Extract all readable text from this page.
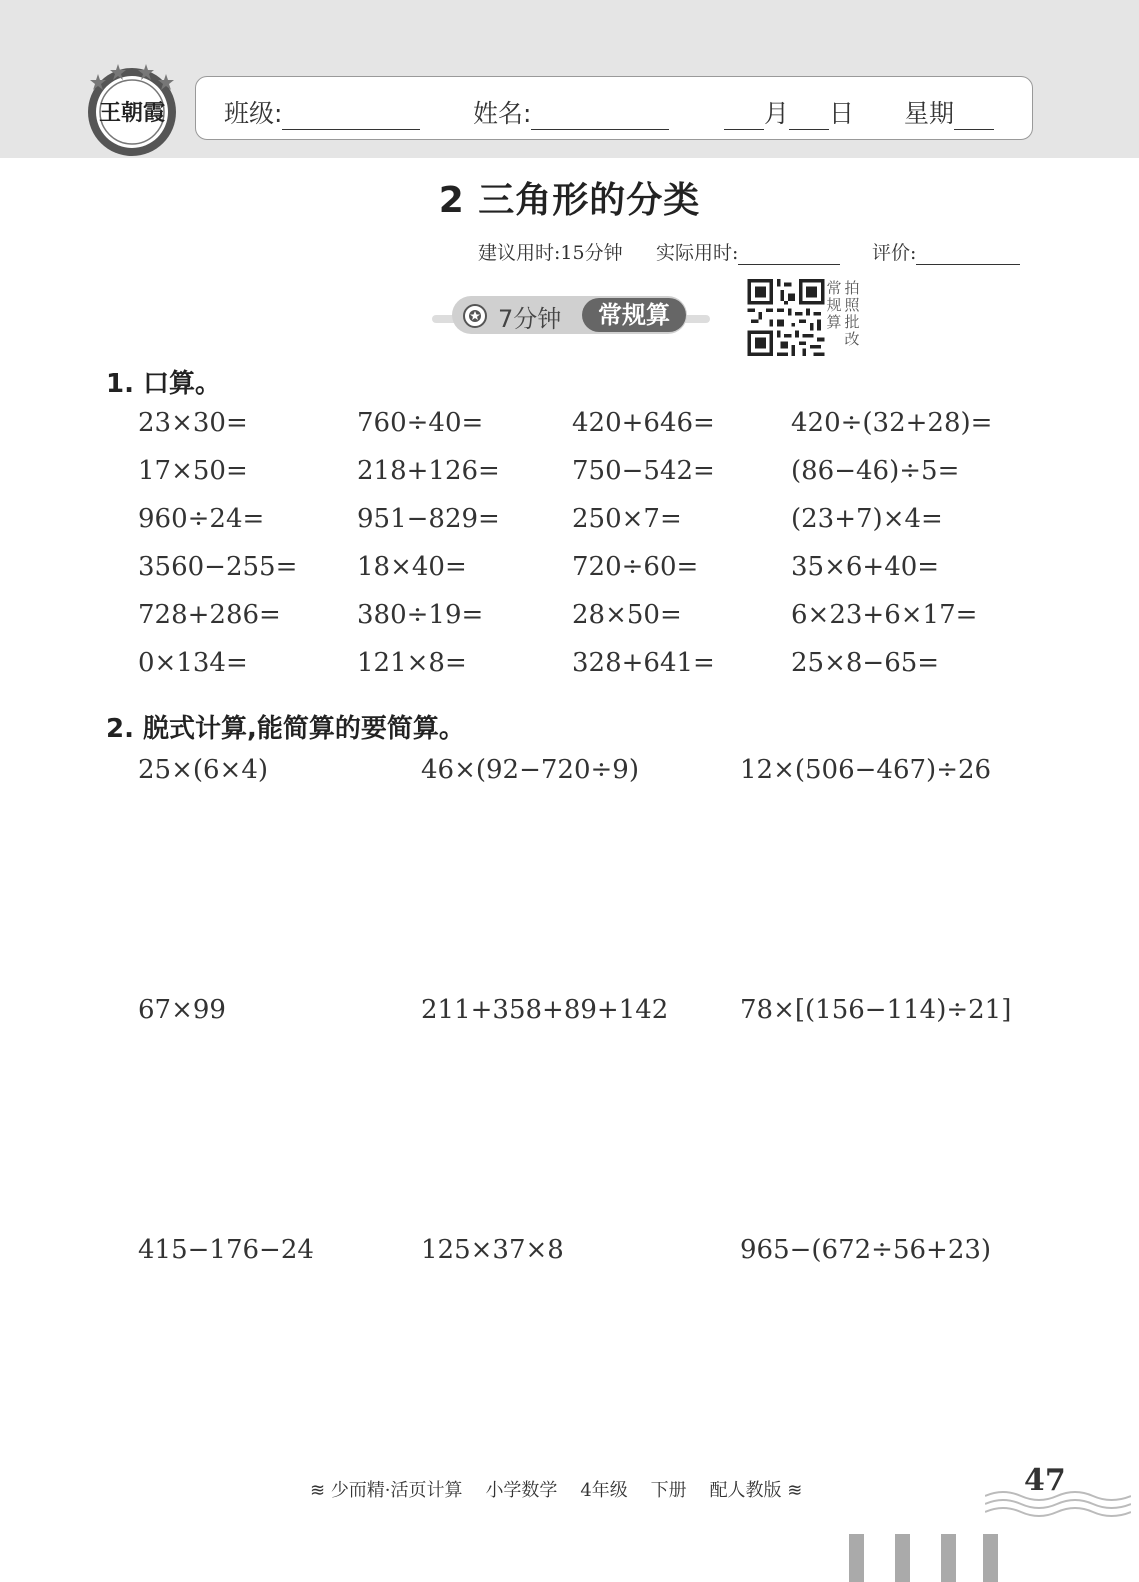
王朝霞 班级:	姓名:	月 日 星期
2 三角形的分类
建议用时:15分钟 实际用时:	评价:
7分钟	常规算
常规算
拍照批改
1. 口算。
23×30=	760÷40=	420+646=	420÷(32+28)=
17×50=	218+126=	750−542=	(86−46)÷5=
960÷24=	951−829=	250×7=	(23+7)×4=
3560−255= 18×40=	720÷60=	35×6+40=
728+286=	380÷19=	28×50=	6×23+6×17=
0×134=	121×8=	328+641=	25×8−65=
2. 脱式计算,能简算的要简算。
25×(6×4)	46×(92−720÷9)	12×(506−467)÷26
67×99	211+358+89+142	78×[(156−114)÷21]
415−176−24	125×37×8	965−(672÷56+23)
≋ 少而精·活页计算 小学数学 4年级 下册 配人教版 ≋	47
